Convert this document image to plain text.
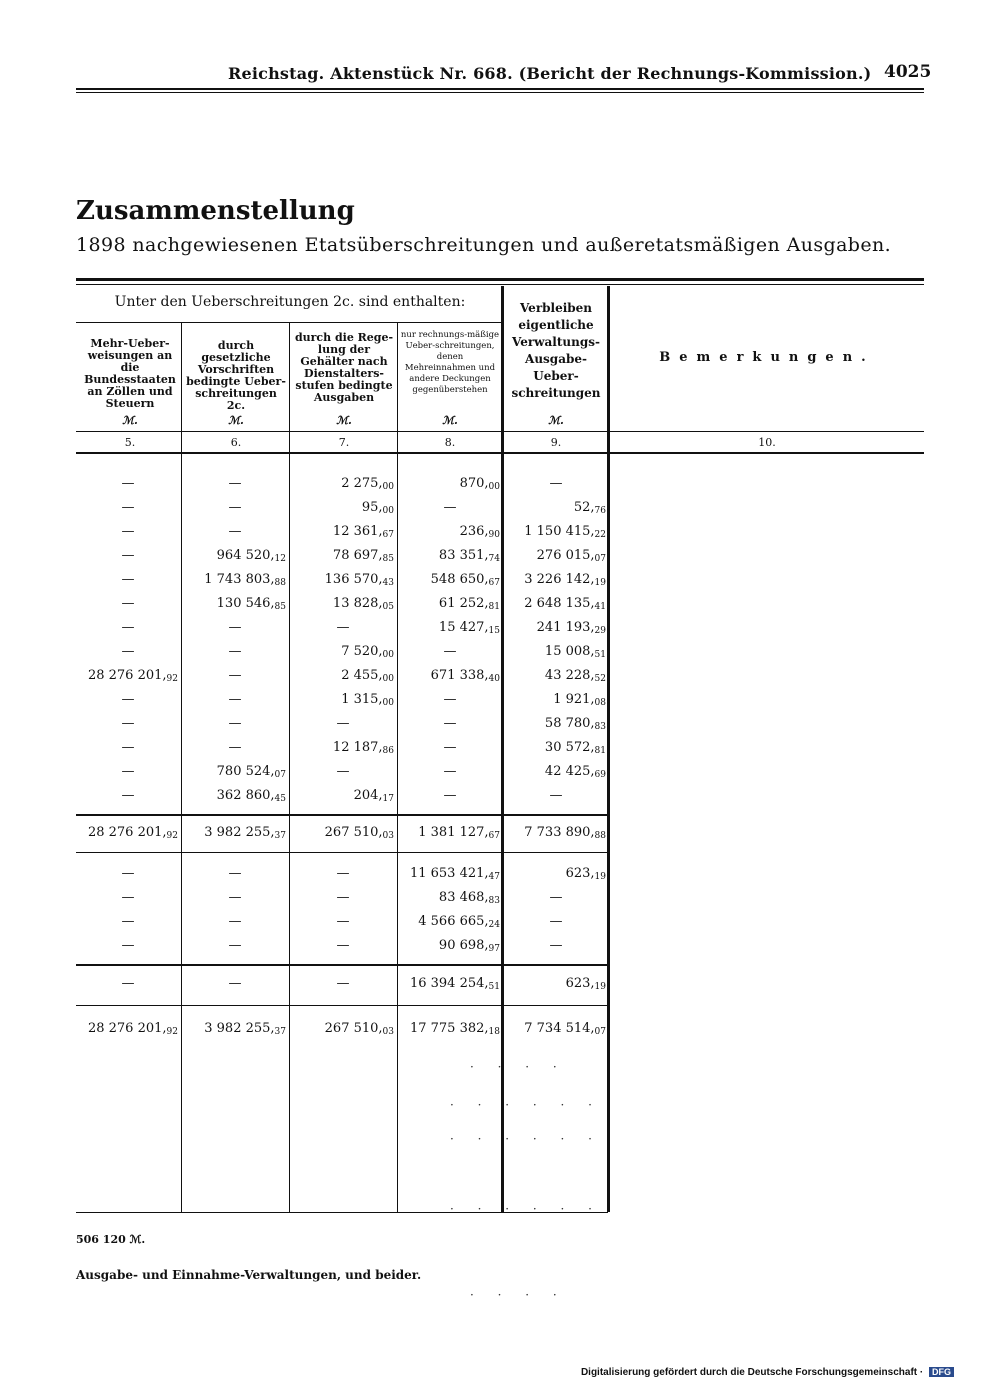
Reichstag. Aktenstück Nr. 668. (Bericht der Rechnungs-Kommission.) 4025
Zusammenstellung
1898 nachgewiesenen Etatsüberschreitungen und außeretatsmäßigen Ausgaben.
Unter den Ueberschreitungen 2c. sind enthalten:
Mehr-Ueber-weisungen an die Bundesstaaten an Zöllen und Steuern
durch gesetzliche Vorschriften bedingte Ueber-schreitungen 2c.
durch die Rege-lung der Gehälter nach Dienstalters-stufen bedingte Ausgaben
nur rechnungs-mäßige Ueber-schreitungen, denen Mehreinnahmen und andere Deckungen gegenüberstehen
Verbleiben eigentliche Verwaltungs-Ausgabe-Ueber-schreitungen
Bemerkungen.
ℳ.	ℳ.	ℳ.	ℳ.	ℳ.
5.	6.	7.	8.	9.	10.
—	—	2 $275,_{00}$	$870,_{00}$	—
—	—	$95,_{00}$	—	$52,_{76}$
—	—	12 $361,_{67}$	$236,_{90}$	1 150 $415,_{22}$
—	964 $520,_{12}$	78 $697,_{85}$	83 $351,_{74}$	276 $015,_{07}$
—	1 743 $803,_{88}$	136 $570,_{43}$	548 $650,_{67}$	3 226 $142,_{19}$
—	130 $546,_{85}$	13 $828,_{05}$	61 $252,_{81}$	2 648 $135,_{41}$
—	—	—	15 $427,_{15}$	241 $193,_{29}$
—	—	7 $520,_{00}$	—	15 $008,_{51}$
28 276 $201,_{92}$	—	2 $455,_{00}$	671 $338,_{40}$	43 $228,_{52}$
—	—	1 $315,_{00}$	—	1 $921,_{08}$
—	—	—	—	58 $780,_{83}$
—	—	12 $187,_{86}$	—	30 $572,_{81}$
—	780 $524,_{07}$	—	—	42 $425,_{69}$
—	362 $860,_{45}$	$204,_{17}$	—	—
28 276 $201,_{92}$	3 982 $255,_{37}$	267 $510,_{03}$	1 381 $127,_{67}$	7 733 $890,_{88}$
—	—	—	11 653 $421,_{47}$	$623,_{19}$
—	—	—	83 $468,_{83}$	—
—	—	—	4 566 $665,_{24}$	—
—	—	—	90 $698,_{97}$	—
—	—	—	16 394 $254,_{51}$	$623,_{19}$
28 276 $201,_{92}$	3 982 $255,_{37}$	267 $510,_{03}$	17 775 $382,_{18}$	7 734 $514,_{07}$
· · · ·
· · · · · ·
· · · · · ·
· · · · · ·
· · · ·
506 120 ℳ.
Ausgabe- und Einnahme-Verwaltungen, und beider.
Digitalisierung gefördert durch die Deutsche Forschungsgemeinschaft · DFG
